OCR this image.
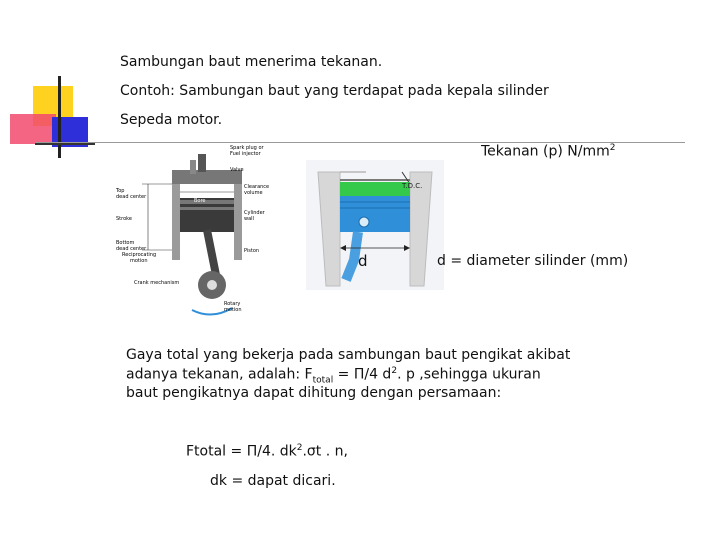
Sambungan baut menerima tekanan.
Contoh: Sambungan baut yang terdapat pada kepala silinder
Sepeda motor.
Tekanan (p) $N/mm^2$
Spark plug or
Fuel injector
Valve
Top
dead center
Clearance
volume
Bore
Stroke
Cylinder
wall
Bottom
dead center	Piston
Reciprocating
motion
Crank mechanism
Rotary
motion
T.D.C.
d	d = diameter silinder (mm)
Gaya total yang bekerja pada sambungan baut pengikat akibat
adanya tekanan, adalah: $F_{total} = \Pi/4$ $d^2$. p ,sehingga ukuran
baut pengikatnya dapat dihitung dengan persamaan:
Ftotal = Π/4. $dk^2.\sigma t$ . n,
dk = dapat dicari.
